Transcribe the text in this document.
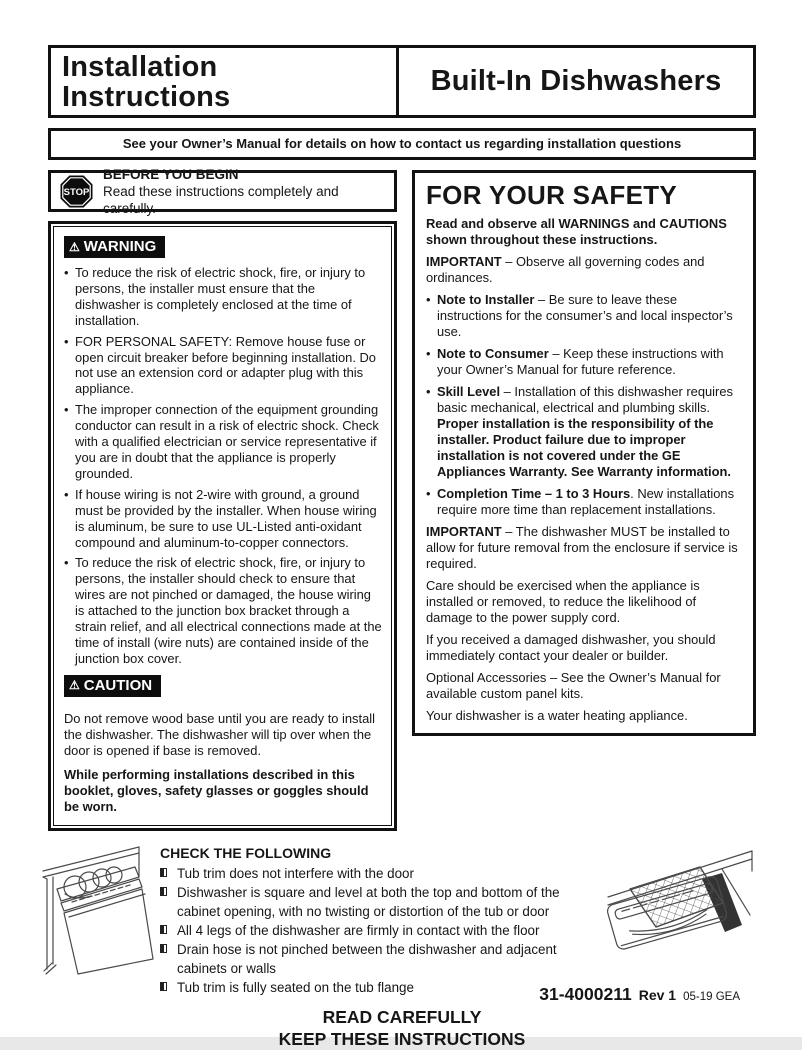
Installation
Instructions	Built-In Dishwashers
See your Owner’s Manual for details on how to contact us regarding installation questions
STOP
BEFORE YOU BEGIN
Read these instructions completely and carefully.
⚠ WARNING
• To reduce the risk of electric shock, fire, or injury to persons, the installer must ensure that the dishwasher is completely enclosed at the time of installation.
• FOR PERSONAL SAFETY: Remove house fuse or open circuit breaker before beginning installation. Do not use an extension cord or adapter plug with this appliance.
• The improper connection of the equipment grounding conductor can result in a risk of electric shock. Check with a qualified electrician or service representative if you are in doubt that the appliance is properly grounded.
• If house wiring is not 2-wire with ground, a ground must be provided by the installer. When house wiring is aluminum, be sure to use UL-Listed anti-oxidant compound and aluminum-to-copper connectors.
• To reduce the risk of electric shock, fire, or injury to persons, the installer should check to ensure that wires are not pinched or damaged, the house wiring is attached to the junction box bracket through a strain relief, and all electrical connections made at the time of install (wire nuts) are contained inside of the junction box cover.
⚠ CAUTION
Do not remove wood base until you are ready to install the dishwasher. The dishwasher will tip over when the door is opened if base is removed.
While performing installations described in this booklet, gloves, safety glasses or goggles should be worn.
FOR YOUR SAFETY
Read and observe all WARNINGS and CAUTIONS shown throughout these instructions.
IMPORTANT – Observe all governing codes and ordinances.
• Note to Installer – Be sure to leave these instructions for the consumer’s and local inspector’s use.
• Note to Consumer – Keep these instructions with your Owner’s Manual for future reference.
• Skill Level – Installation of this dishwasher requires basic mechanical, electrical and plumbing skills. Proper installation is the responsibility of the installer. Product failure due to improper installation is not covered under the GE Appliances Warranty. See Warranty information.
• Completion Time – 1 to 3 Hours. New installations require more time than replacement installations.
IMPORTANT – The dishwasher MUST be installed to allow for future removal from the enclosure if service is required.
Care should be exercised when the appliance is installed or removed, to reduce the likelihood of damage to the power supply cord.
If you received a damaged dishwasher, you should immediately contact your dealer or builder.
Optional Accessories – See the Owner’s Manual for available custom panel kits.
Your dishwasher is a water heating appliance.
CHECK THE FOLLOWING
Tub trim does not interfere with the door
Dishwasher is square and level at both the top and bottom of the cabinet opening, with no twisting or distortion of the tub or door
All 4 legs of the dishwasher are firmly in contact with the floor
Drain hose is not pinched between the dishwasher and adjacent cabinets or walls
Tub trim is fully seated on the tub flange
READ CAREFULLY
KEEP THESE INSTRUCTIONS
31-4000211 Rev 1 05-19 GEA
